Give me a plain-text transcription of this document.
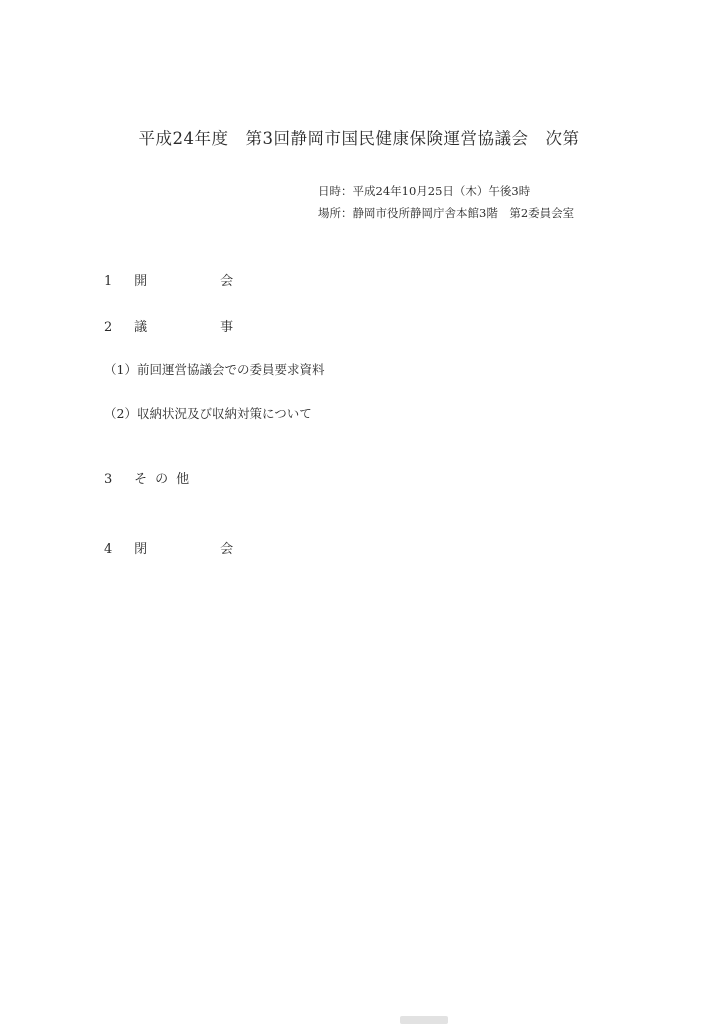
平成24年度　第3回静岡市国民健康保険運営協議会　次第
日時：平成24年10月25日（木）午後3時
場所：静岡市役所静岡庁舎本館3階　第2委員会室
1 開　会
2 議　事
（1）前回運営協議会での委員要求資料
（2）収納状況及び収納対策について
3 その他
4 閉　会
